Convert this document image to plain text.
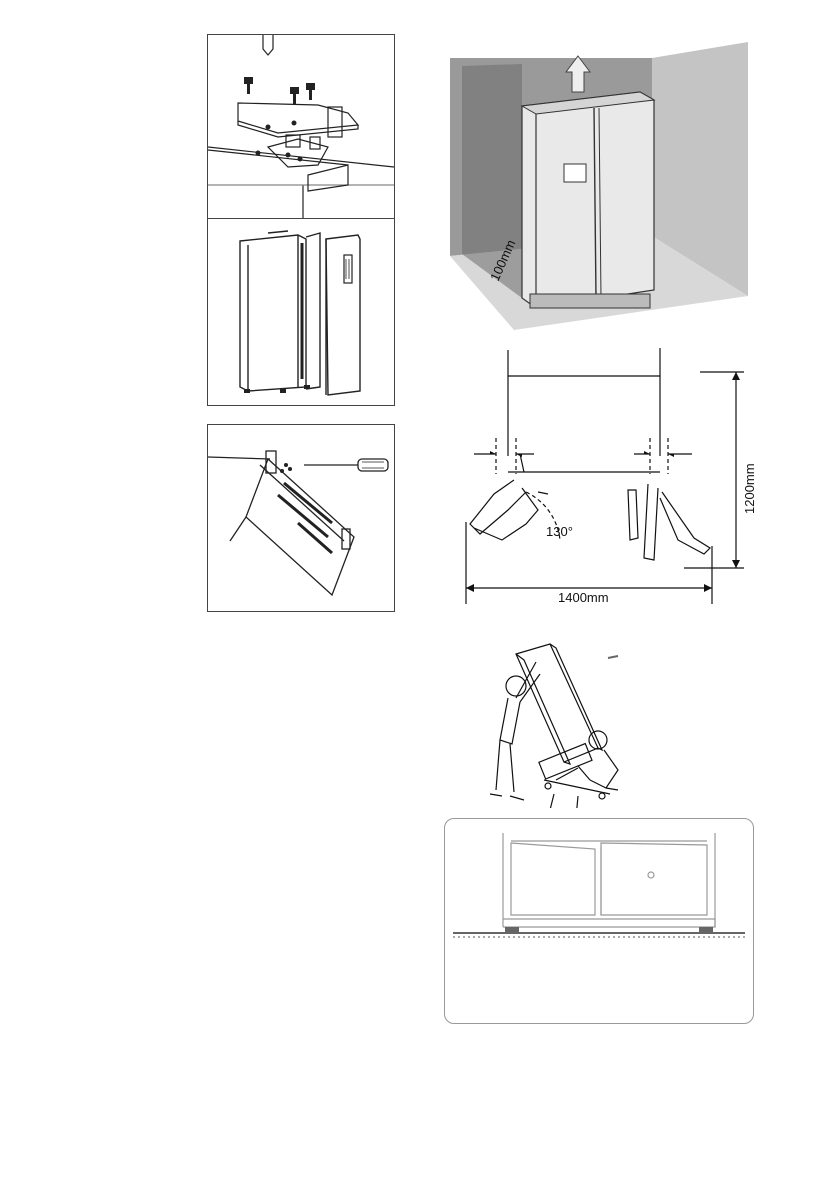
100mm
130°
1400mm
1200mm
